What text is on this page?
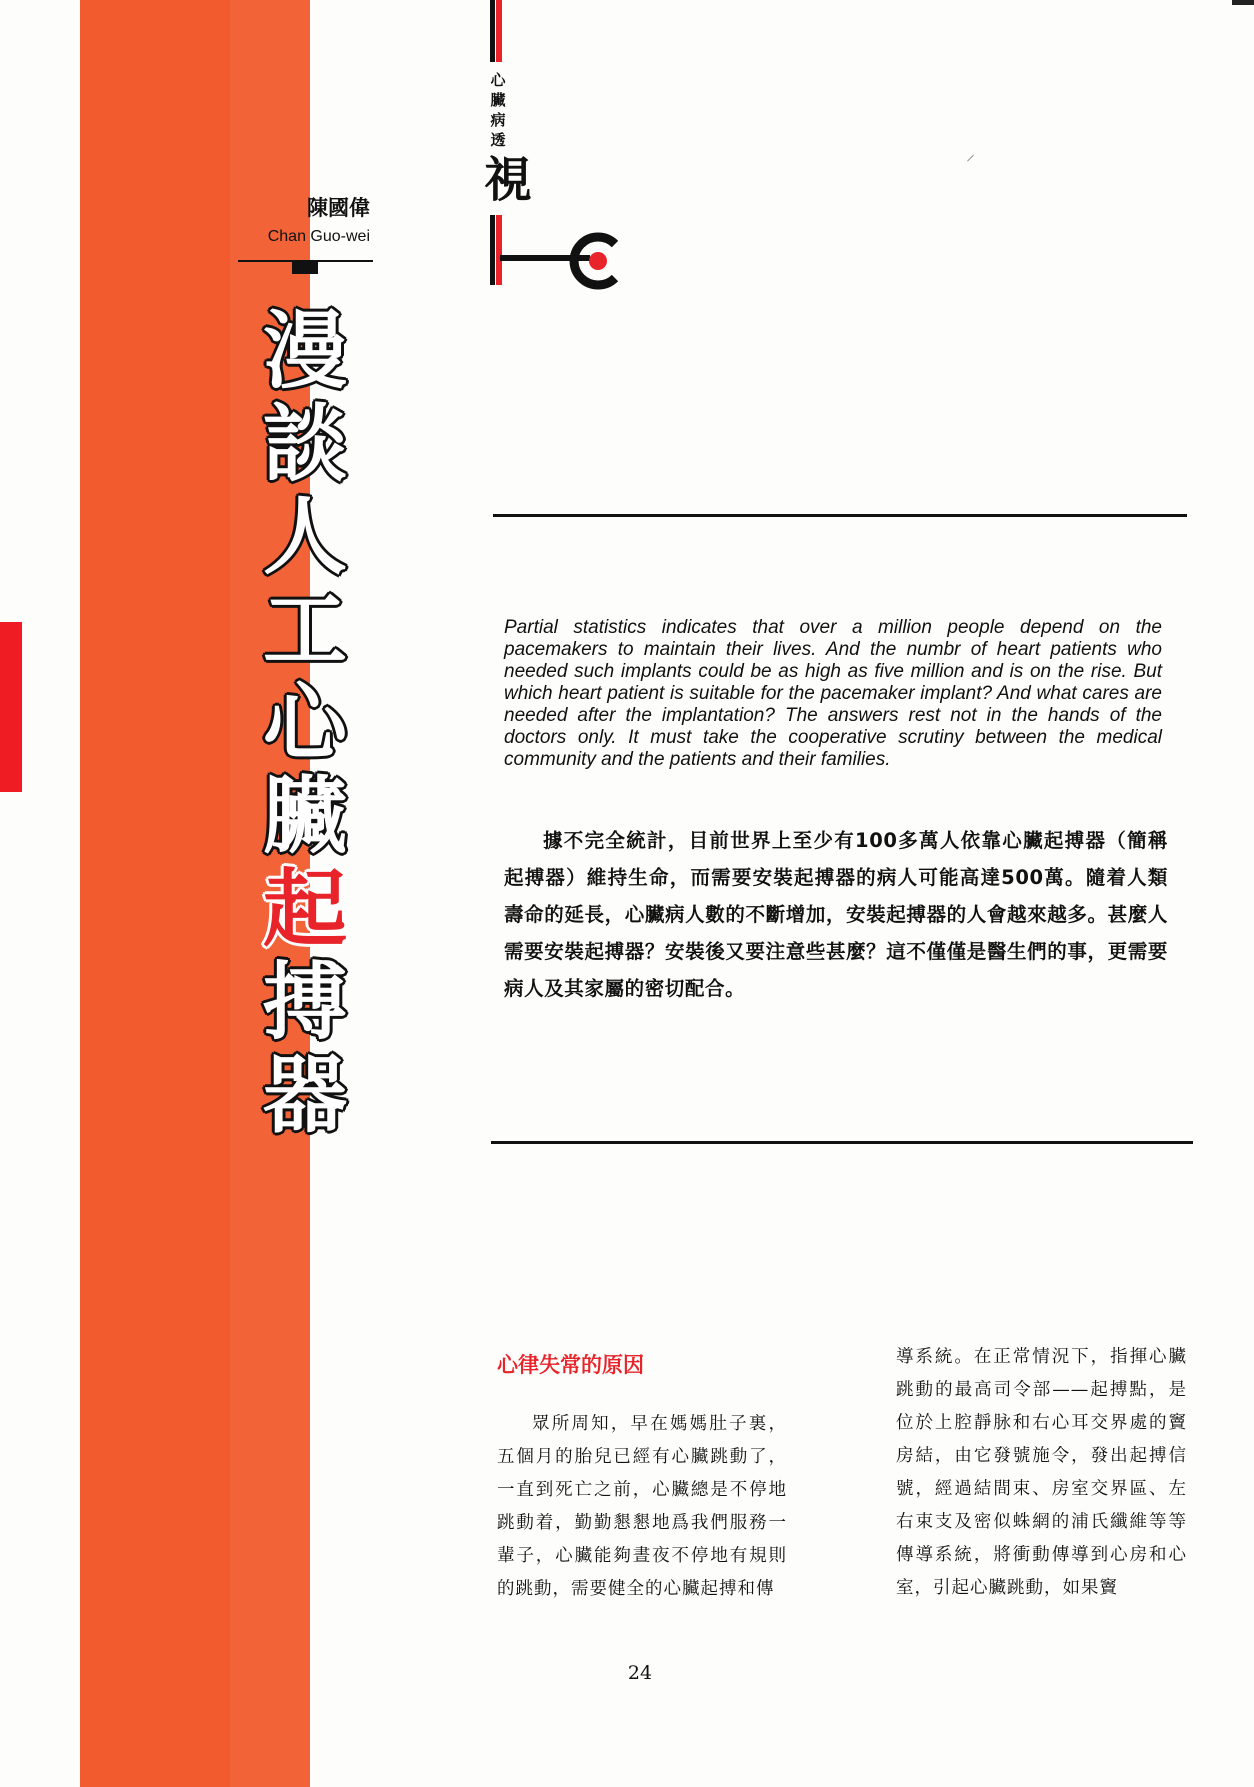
陳國偉
Chan Guo-wei
漫
談
人
工
心
臟
起
搏
器
心
臟
病
透
視	⸝
Partial statistics indicates that over a million people depend on the pacemakers to maintain their lives. And the numbr of heart patients who needed such implants could be as high as five million and is on the rise. But which heart patient is suitable for the pacemaker implant? And what cares are needed after the implantation? The answers rest not in the hands of the doctors only. It must take the cooperative scrutiny between the medical community and the patients and their families.
據不完全統計，目前世界上至少有100多萬人依靠心臟起搏器（簡稱起搏器）維持生命，而需要安裝起搏器的病人可能高達500萬。隨着人類壽命的延長，心臟病人數的不斷增加，安裝起搏器的人會越來越多。甚麼人需要安裝起搏器？安裝後又要注意些甚麼？這不僅僅是醫生們的事，更需要病人及其家屬的密切配合。
心律失常的原因
眾所周知，早在媽媽肚子裏，五個月的胎兒已經有心臟跳動了，一直到死亡之前，心臟總是不停地跳動着，勤勤懇懇地爲我們服務一輩子，心臟能夠晝夜不停地有規則的跳動，需要健全的心臟起搏和傳
導系統。在正常情況下，指揮心臟跳動的最高司令部——起搏點，是位於上腔靜脉和右心耳交界處的竇房結，由它發號施令，發出起搏信號，經過結間束、房室交界區、左右束支及密似蛛網的浦氏纖維等等傳導系統，將衝動傳導到心房和心室，引起心臟跳動，如果竇
24
